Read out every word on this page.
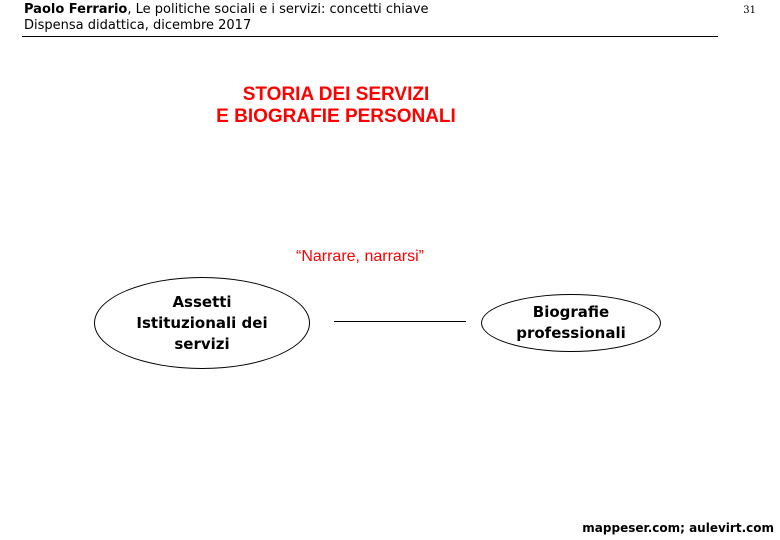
Paolo Ferrario, Le politiche sociali e i servizi: concetti chiave
Dispensa didattica, dicembre 2017
31
STORIA DEI SERVIZI
E BIOGRAFIE PERSONALI
“Narrare, narrarsi”
Assetti
Istituzionali dei
servizi
Biografie
professionali
mappeser.com; aulevirt.com
